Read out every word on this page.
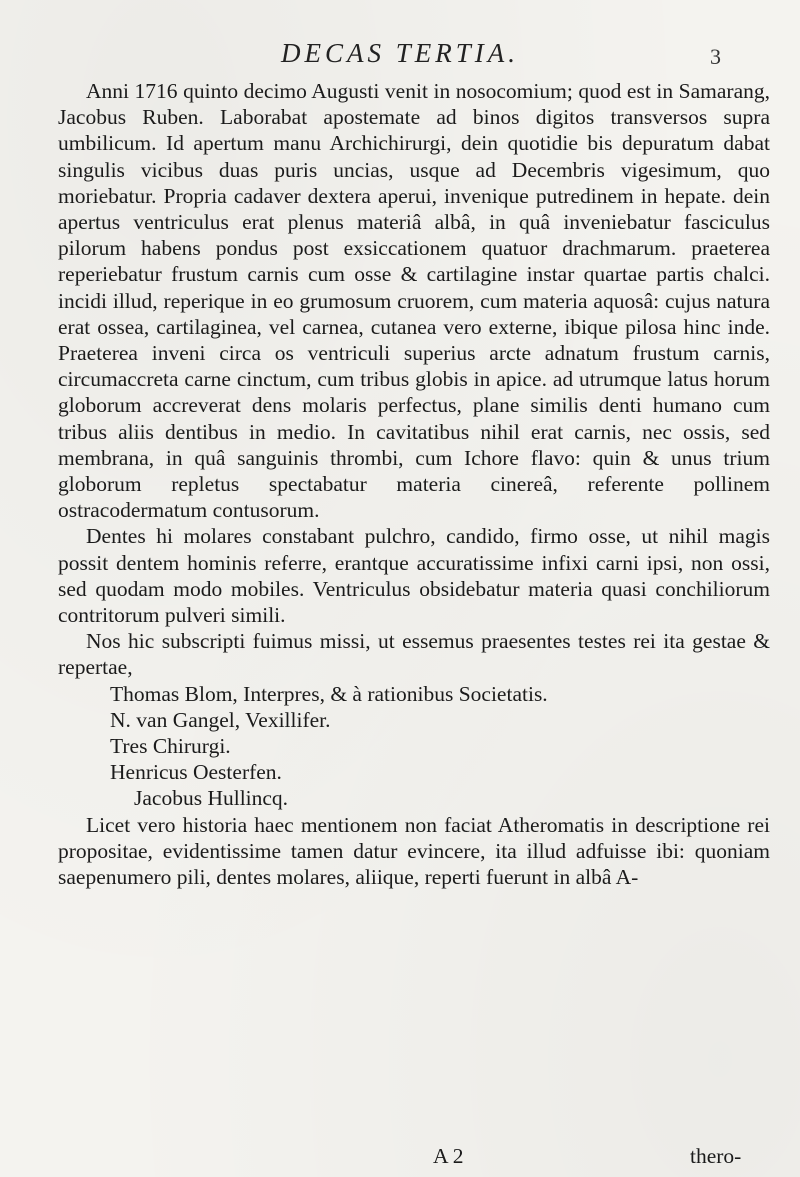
DECAS TERTIA.	3

Anni 1716 quinto decimo Augusti venit in nosocomium; quod est in Samarang, Jacobus Ruben. Laborabat apostemate ad binos digitos transversos supra umbilicum. Id apertum manu Archichirurgi, dein quotidie bis depuratum dabat singulis vicibus duas puris uncias, usque ad Decembris vigesimum, quo moriebatur. Propria cadaver dextera aperui, invenique putredinem in hepate. dein apertus ventriculus erat plenus materiâ albâ, in quâ inveniebatur fasciculus pilorum habens pondus post exsiccationem quatuor drachmarum. praeterea reperiebatur frustum carnis cum osse & cartilagine instar quartae partis chalci. incidi illud, reperique in eo grumosum cruorem, cum materia aquosâ: cujus natura erat ossea, cartilaginea, vel carnea, cutanea vero externe, ibique pilosa hinc inde. Praeterea inveni circa os ventriculi superius arcte adnatum frustum carnis, circumaccreta carne cinctum, cum tribus globis in apice. ad utrumque latus horum globorum accreverat dens molaris perfectus, plane similis denti humano cum tribus aliis dentibus in medio. In cavitatibus nihil erat carnis, nec ossis, sed membrana, in quâ sanguinis thrombi, cum Ichore flavo: quin & unus trium globorum repletus spectabatur materia cinereâ, referente pollinem ostracodermatum contusorum.

Dentes hi molares constabant pulchro, candido, firmo osse, ut nihil magis possit dentem hominis referre, erantque accuratissime infixi carni ipsi, non ossi, sed quodam modo mobiles. Ventriculus obsidebatur materia quasi conchiliorum contritorum pulveri simili.

Nos hic subscripti fuimus missi, ut essemus praesentes testes rei ita gestae & repertae,

Thomas Blom, Interpres, & à rationibus Societatis.
N. van Gangel, Vexillifer.
Tres Chirurgi.
Henricus Oesterfen.
Jacobus Hullincq.

Licet vero historia haec mentionem non faciat Atheromatis in descriptione rei propositae, evidentissime tamen datur evincere, ita illud adfuisse ibi: quoniam saepenumero pili, dentes molares, aliique, reperti fuerunt in albâ A-

A 2	thero-
